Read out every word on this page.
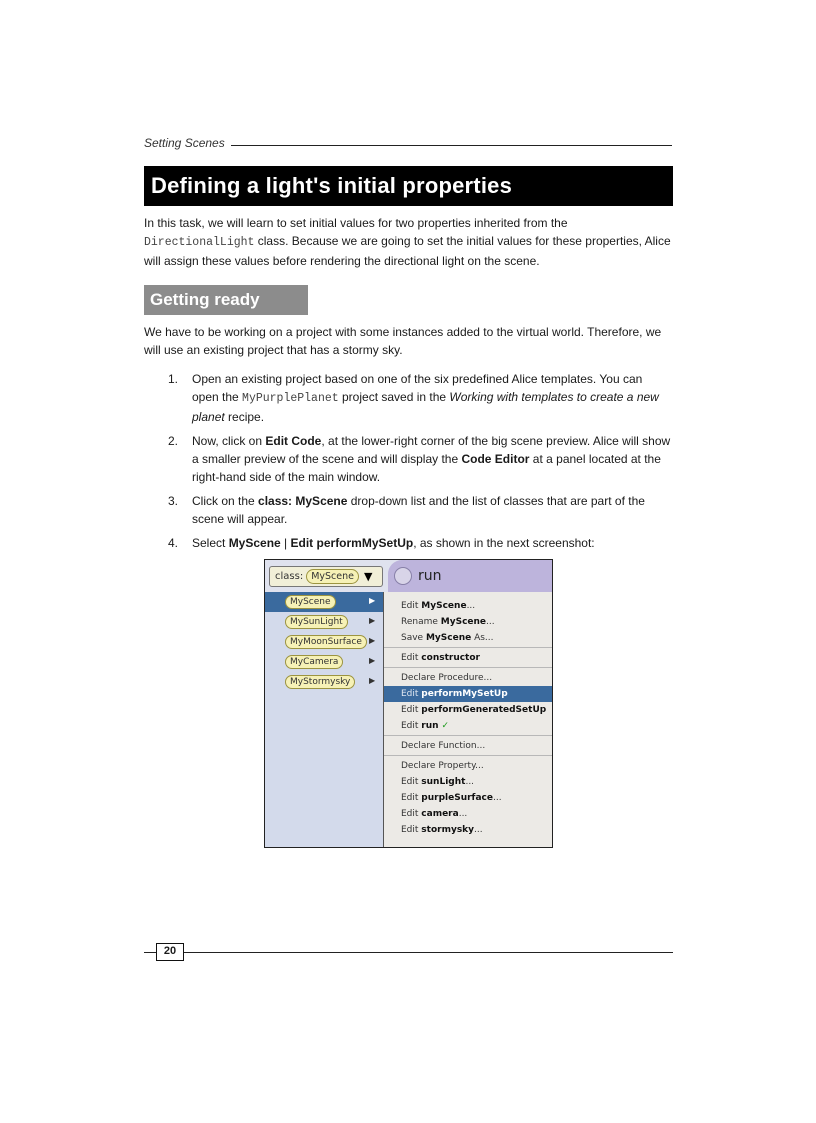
Setting Scenes
Defining a light's initial properties

In this task, we will learn to set initial values for two properties inherited from the
DirectionalLight class. Because we are going to set the initial values for these properties, Alice will assign these values before rendering the directional light on the scene.

Getting ready

We have to be working on a project with some instances added to the virtual world. Therefore, we will use an existing project that has a stormy sky.

1. Open an existing project based on one of the six predefined Alice templates. You can open the MyPurplePlanet project saved in the Working with templates to create a new planet recipe.
2. Now, click on Edit Code, at the lower-right corner of the big scene preview. Alice will show a smaller preview of the scene and will display the Code Editor at a panel located at the right-hand side of the main window.
3. Click on the class: MyScene drop-down list and the list of classes that are part of the scene will appear.
4. Select MyScene | Edit performMySetUp, as shown in the next screenshot:
class: MyScene ▼	run
MyScene	▶
MySunLight	▶
MyMoonSurface ▶
MyCamera	▶
MyStormysky	▶
Edit MyScene...
Rename MyScene...
Save MyScene As...
Edit constructor
Declare Procedure...
Edit performMySetUp
Edit performGeneratedSetUp
Edit run ✓
Declare Function...
Declare Property...
Edit sunLight...
Edit purpleSurface...
Edit camera...
Edit stormysky...
20
